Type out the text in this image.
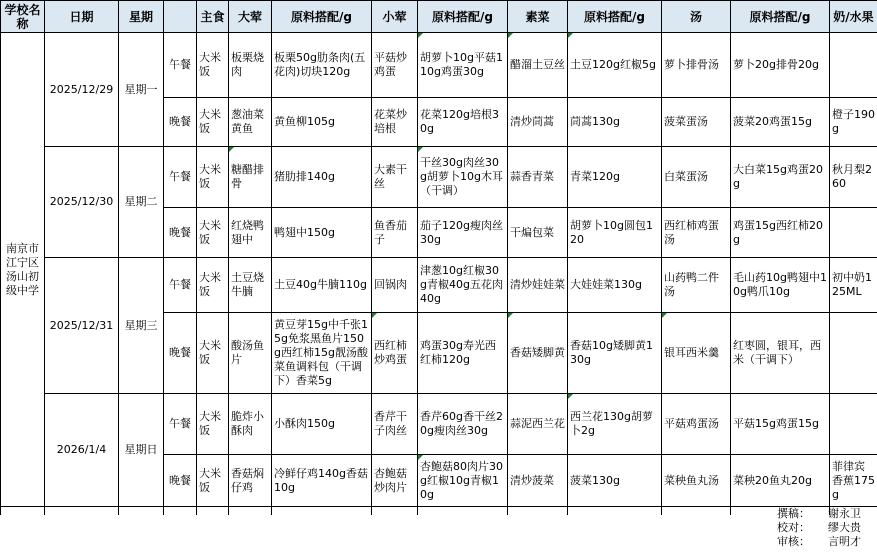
学校名称	日期	星期		主食	大荤	原料搭配/g	小荤	原料搭配/g	素菜	原料搭配/g	汤	原料搭配/g	奶/水果
南京市江宁区汤山初级中学	2025/12/29	星期一	午餐	大米饭	板栗烧肉	板栗50g肋条肉(五花肉)切块120g	平菇炒鸡蛋	胡萝卜10g平菇110g鸡蛋30g	醋溜土豆丝	土豆120g红椒5g	萝卜排骨汤	萝卜20g排骨20g	
			晚餐	大米饭	葱油菜黄鱼	黄鱼柳105g	花菜炒培根	花菜120g培根30g	清炒茼蒿	茼蒿130g	菠菜蛋汤	菠菜20鸡蛋15g	橙子190g
	2025/12/30	星期二	午餐	大米饭	糖醋排骨	猪肋排140g	大素干丝	干丝30g肉丝30g胡萝卜10g木耳（干调）	蒜香青菜	青菜120g	白菜蛋汤	大白菜15g鸡蛋20g	秋月梨260
			晚餐	大米饭	红烧鸭翅中	鸭翅中150g	鱼香茄子	茄子120g瘦肉丝30g	干煸包菜	胡萝卜10g圆包120	西红柿鸡蛋汤	鸡蛋15g西红柿20g	
	2025/12/31	星期三	午餐	大米饭	土豆烧牛腩	土豆40g牛腩110g	回锅肉	津葱10g红椒30g青椒40g五花肉40g	清炒娃娃菜	大娃娃菜130g	山药鸭二件汤	毛山药10g鸭翅中10g鸭爪10g	初中奶125ML
			晚餐	大米饭	酸汤鱼片	黄豆芽15g中千张15g免浆黑鱼片150g西红柿15g靓汤酸菜鱼调料包（干调下）香菜5g	西红柿炒鸡蛋	鸡蛋30g寿光西红柿120g	香菇矮脚黄	香菇10g矮脚黄130g	银耳西米羹	红枣圆，银耳，西米（干调下）	
	2026/1/4	星期日	午餐	大米饭	脆炸小酥肉	小酥肉150g	香芹干子肉丝	香芹60g香干丝20g瘦肉丝30g	蒜泥西兰花	西兰花130g胡萝卜2g	平菇鸡蛋汤	平菇15g鸡蛋15g	
			晚餐	大米饭	香菇焖仔鸡	冷鲜仔鸡140g香菇10g	杏鲍菇炒肉片	杏鲍菇80肉片30g红椒10g青椒10g	清炒菠菜	菠菜130g	菜秧鱼丸汤	菜秧20鱼丸20g	菲律宾香蕉175g

撰稿： 谢永卫
校对： 缪大贵
审核： 言明才
